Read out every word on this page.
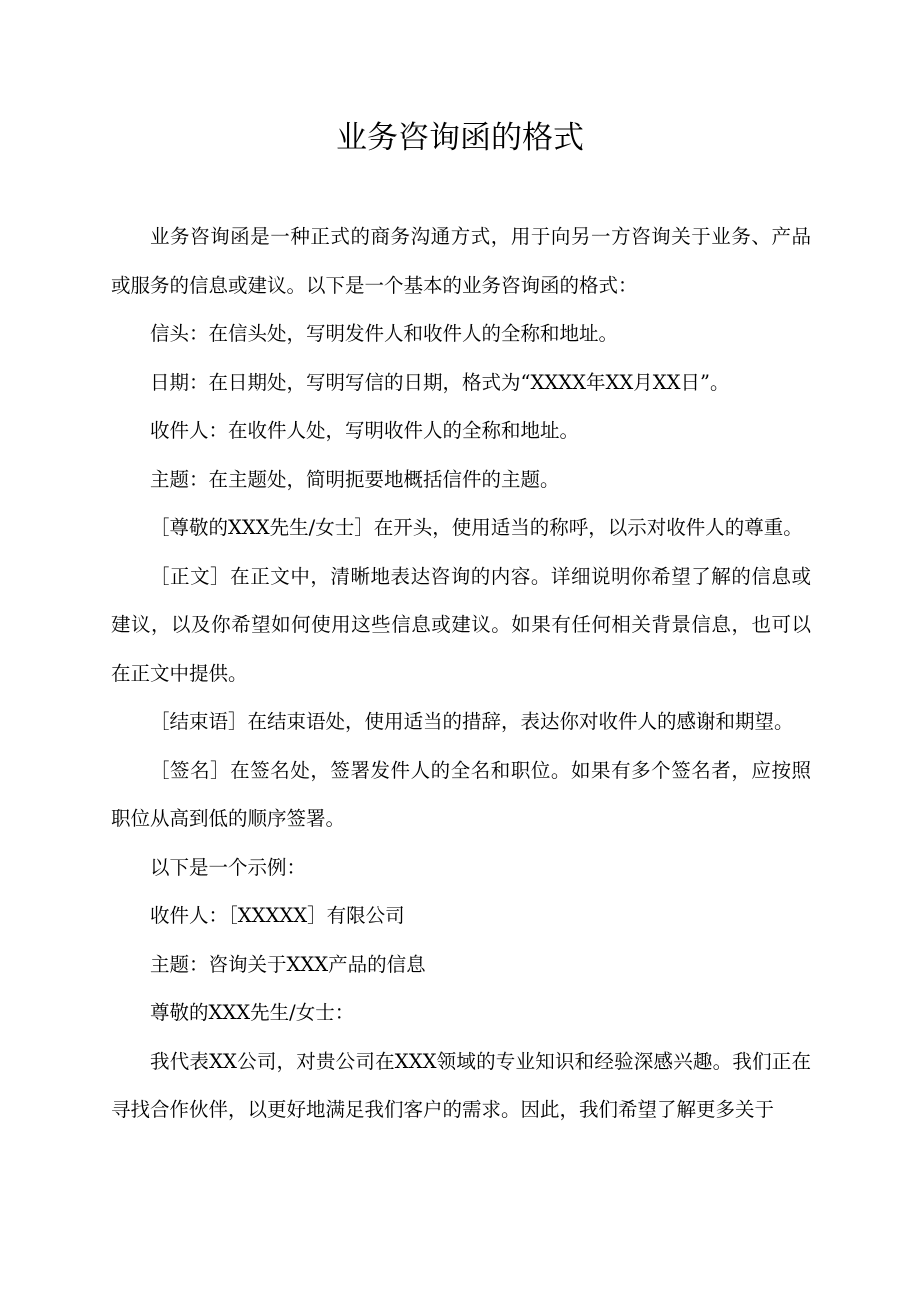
业务咨询函的格式

业务咨询函是一种正式的商务沟通方式，用于向另一方咨询关于业务、产品或服务的信息或建议。以下是一个基本的业务咨询函的格式：

信头：在信头处，写明发件人和收件人的全称和地址。

日期：在日期处，写明写信的日期，格式为“XXXX年XX月XX日”。

收件人：在收件人处，写明收件人的全称和地址。

主题：在主题处，简明扼要地概括信件的主题。

［尊敬的XXX先生/女士］在开头，使用适当的称呼，以示对收件人的尊重。

［正文］在正文中，清晰地表达咨询的内容。详细说明你希望了解的信息或建议，以及你希望如何使用这些信息或建议。如果有任何相关背景信息，也可以在正文中提供。

［结束语］在结束语处，使用适当的措辞，表达你对收件人的感谢和期望。

［签名］在签名处，签署发件人的全名和职位。如果有多个签名者，应按照职位从高到低的顺序签署。

以下是一个示例：

收件人：［XXXXX］有限公司

主题：咨询关于XXX产品的信息

尊敬的XXX先生/女士：

我代表XX公司，对贵公司在XXX领域的专业知识和经验深感兴趣。我们正在寻找合作伙伴，以更好地满足我们客户的需求。因此，我们希望了解更多关于
